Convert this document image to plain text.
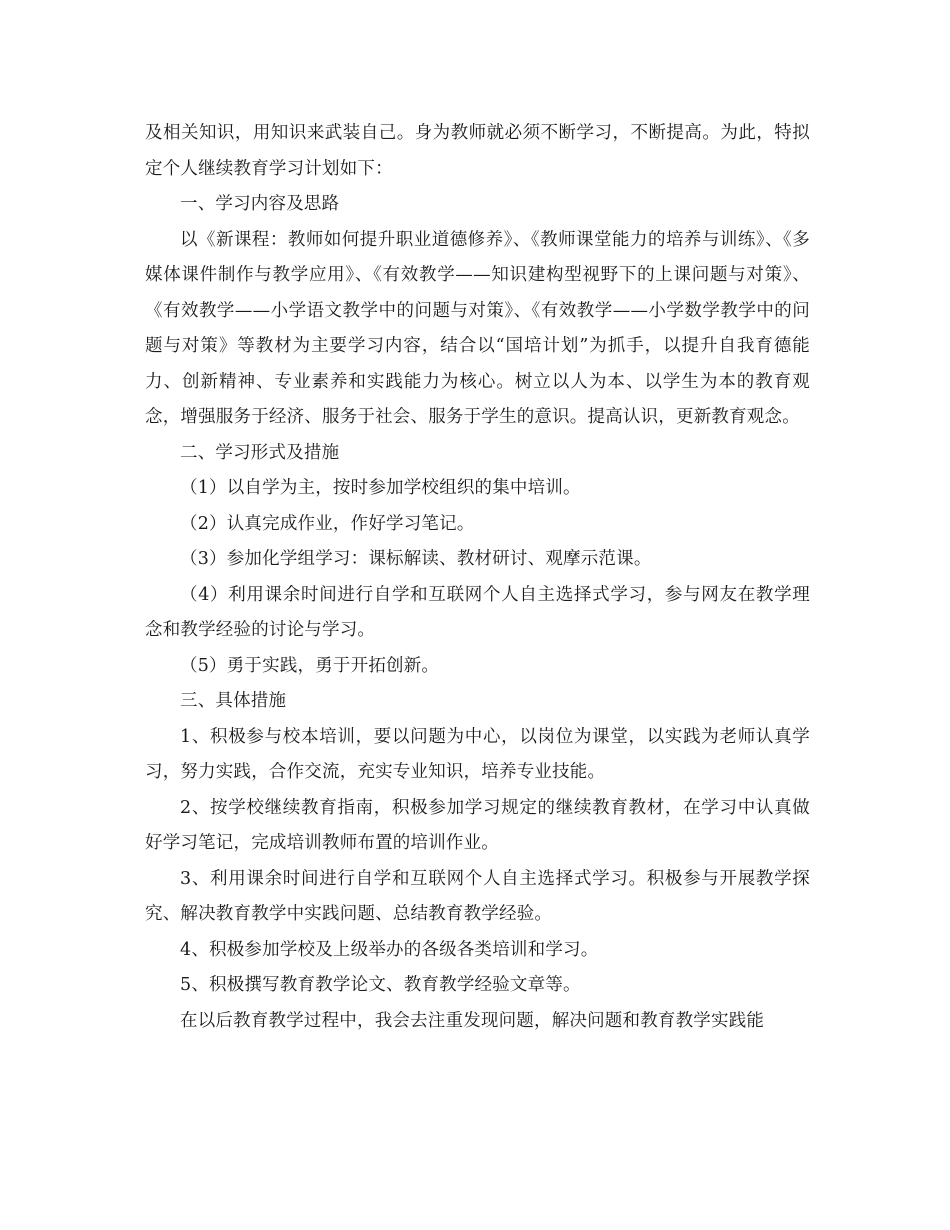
及相关知识，用知识来武装自己。身为教师就必须不断学习，不断提高。为此，特拟定个人继续教育学习计划如下：

一、学习内容及思路

以《新课程：教师如何提升职业道德修养》、《教师课堂能力的培养与训练》、《多媒体课件制作与教学应用》、《有效教学——知识建构型视野下的上课问题与对策》、《有效教学——小学语文教学中的问题与对策》、《有效教学——小学数学教学中的问题与对策》等教材为主要学习内容，结合以“国培计划”为抓手，以提升自我育德能力、创新精神、专业素养和实践能力为核心。树立以人为本、以学生为本的教育观念，增强服务于经济、服务于社会、服务于学生的意识。提高认识，更新教育观念。

二、学习形式及措施

（1）以自学为主，按时参加学校组织的集中培训。

（2）认真完成作业，作好学习笔记。

（3）参加化学组学习：课标解读、教材研讨、观摩示范课。

（4）利用课余时间进行自学和互联网个人自主选择式学习，参与网友在教学理念和教学经验的讨论与学习。

（5）勇于实践，勇于开拓创新。

三、具体措施

1、积极参与校本培训，要以问题为中心，以岗位为课堂，以实践为老师认真学习，努力实践，合作交流，充实专业知识，培养专业技能。

2、按学校继续教育指南，积极参加学习规定的继续教育教材，在学习中认真做好学习笔记，完成培训教师布置的培训作业。

3、利用课余时间进行自学和互联网个人自主选择式学习。积极参与开展教学探究、解决教育教学中实践问题、总结教育教学经验。

4、积极参加学校及上级举办的各级各类培训和学习。

5、积极撰写教育教学论文、教育教学经验文章等。

在以后教育教学过程中，我会去注重发现问题，解决问题和教育教学实践能
